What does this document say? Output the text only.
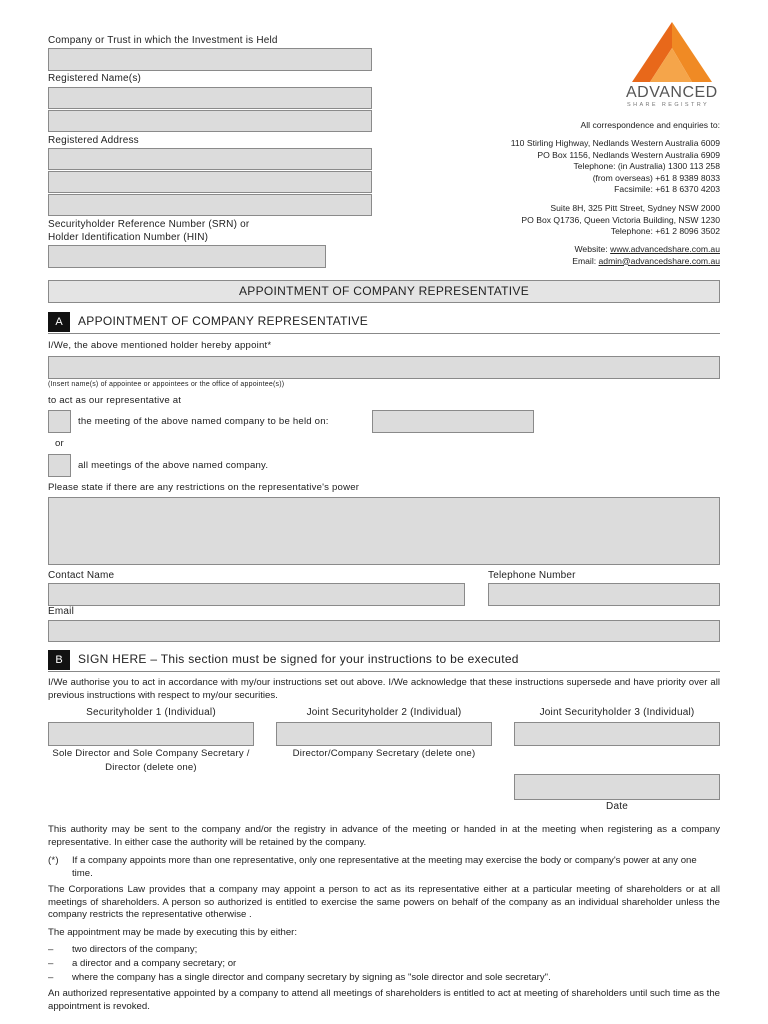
Company or Trust in which the Investment is Held
Registered Name(s)
Registered Address
Securityholder Reference Number (SRN) or
Holder Identification Number (HIN)
ADVANCED
SHARE REGISTRY
All correspondence and enquiries to:
110 Stirling Highway, Nedlands Western Australia 6009
PO Box 1156, Nedlands Western Australia 6909
Telephone: (in Australia) 1300 113 258
(from overseas) +61 8 9389 8033
Facsimile: +61 8 6370 4203
Suite 8H, 325 Pitt Street, Sydney NSW 2000
PO Box Q1736, Queen Victoria Building, NSW 1230
Telephone: +61 2 8096 3502
Website: www.advancedshare.com.au
Email: admin@advancedshare.com.au
APPOINTMENT OF COMPANY REPRESENTATIVE
A	APPOINTMENT OF COMPANY REPRESENTATIVE
I/We, the above mentioned holder hereby appoint*
(Insert name(s) of appointee or appointees or the office of appointee(s))
to act as our representative at
the meeting of the above named company to be held on:
or
all meetings of the above named company.
Please state if there are any restrictions on the representative's power
Contact Name	Telephone Number
Email
B	SIGN HERE – This section must be signed for your instructions to be executed
I/We authorise you to act in accordance with my/our instructions set out above. I/We acknowledge that these instructions supersede and have priority over all previous instructions with respect to my/our securities.
Securityholder 1 (Individual)	Joint Securityholder 2 (Individual)	Joint Securityholder 3 (Individual)
Sole Director and Sole Company Secretary /
Director (delete one)
Director/Company Secretary (delete one)
Date
This authority may be sent to the company and/or the registry in advance of the meeting or handed in at the meeting when registering as a company representative. In either case the authority will be retained by the company.
(*) If a company appoints more than one representative, only one representative at the meeting may exercise the body or company's power at any one time.
The Corporations Law provides that a company may appoint a person to act as its representative either at a particular meeting of shareholders or at all meetings of shareholders. A person so authorized is entitled to exercise the same powers on behalf of the company as an individual shareholder unless the company restricts the representative otherwise .
The appointment may be made by executing this by either:
–	two directors of the company;
–	a director and a company secretary; or
–	where the company has a single director and company secretary by signing as "sole director and sole secretary".
An authorized representative appointed by a company to attend all meetings of shareholders is entitled to act at meeting of shareholders until such time as the appointment is revoked.
